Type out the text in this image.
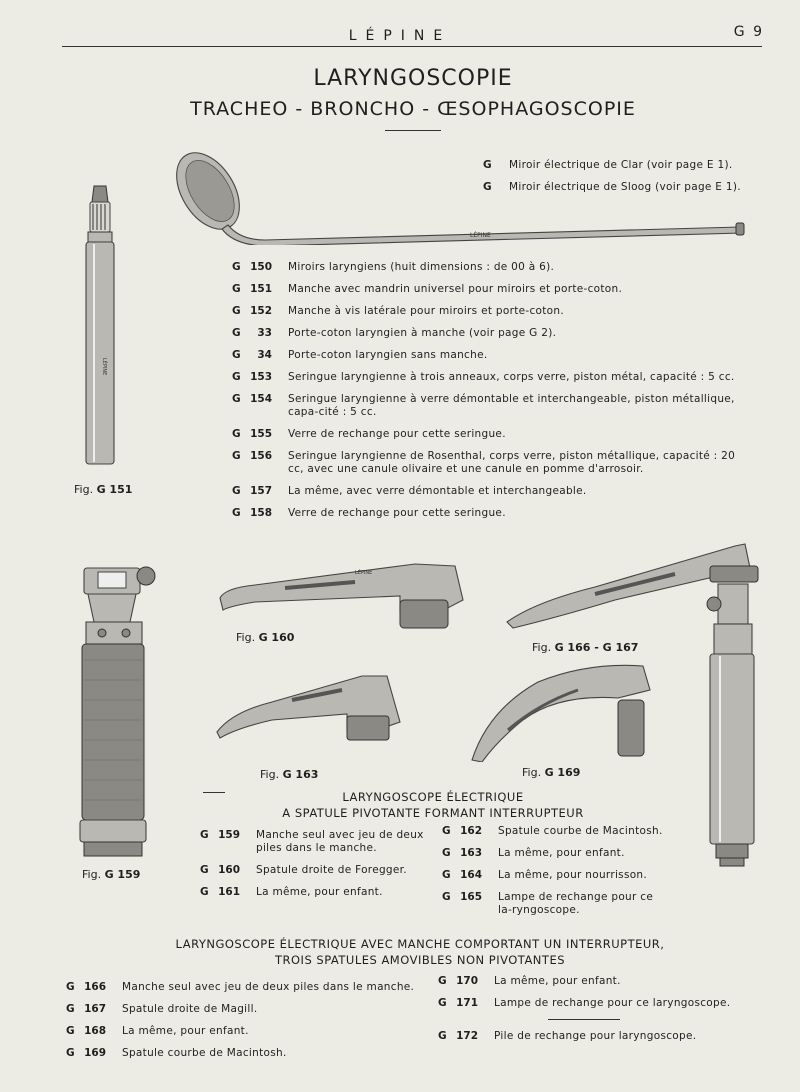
LÉPINE	G 9
LARYNGOSCOPIE
TRACHEO - BRONCHO - ŒSOPHAGOSCOPIE
LÉPINE
G	Miroir électrique de Clar (voir page E 1).
G	Miroir électrique de Sloog (voir page E 1).
LÉPINE
Fig. G 151
G 150	Miroirs laryngiens (huit dimensions : de 00 à 6).
G 151	Manche avec mandrin universel pour miroirs et porte-coton.
G 152	Manche à vis latérale pour miroirs et porte-coton.
G 33	Porte-coton laryngien à manche (voir page G 2).
G 34	Porte-coton laryngien sans manche.
G 153	Seringue laryngienne à trois anneaux, corps verre, piston métal, capacité : 5 cc.
G 154	Seringue laryngienne à verre démontable et interchangeable, piston métallique, capa-cité : 5 cc.
G 155	Verre de rechange pour cette seringue.
G 156	Seringue laryngienne de Rosenthal, corps verre, piston métallique, capacité : 20 cc, avec une canule olivaire et une canule en pomme d'arrosoir.
G 157	La même, avec verre démontable et interchangeable.
G 158	Verre de rechange pour cette seringue.
Fig. G 159
LÉPINE
Fig. G 160
Fig. G 166 - G 167
Fig. G 163	Fig. G 169
LARYNGOSCOPE ÉLECTRIQUE
A SPATULE PIVOTANTE FORMANT INTERRUPTEUR
G 159	Manche seul avec jeu de deux piles dans le manche.
G 160	Spatule droite de Foregger.
G 161	La même, pour enfant.
G 162	Spatule courbe de Macintosh.
G 163	La même, pour enfant.
G 164	La même, pour nourrisson.
G 165	Lampe de rechange pour ce la-ryngoscope.
LARYNGOSCOPE ÉLECTRIQUE AVEC MANCHE COMPORTANT UN INTERRUPTEUR,
TROIS SPATULES AMOVIBLES NON PIVOTANTES
G 166	Manche seul avec jeu de deux piles dans le manche.
G 167	Spatule droite de Magill.
G 168	La même, pour enfant.
G 169	Spatule courbe de Macintosh.
G 170	La même, pour enfant.
G 171	Lampe de rechange pour ce laryngoscope.
G 172	Pile de rechange pour laryngoscope.
